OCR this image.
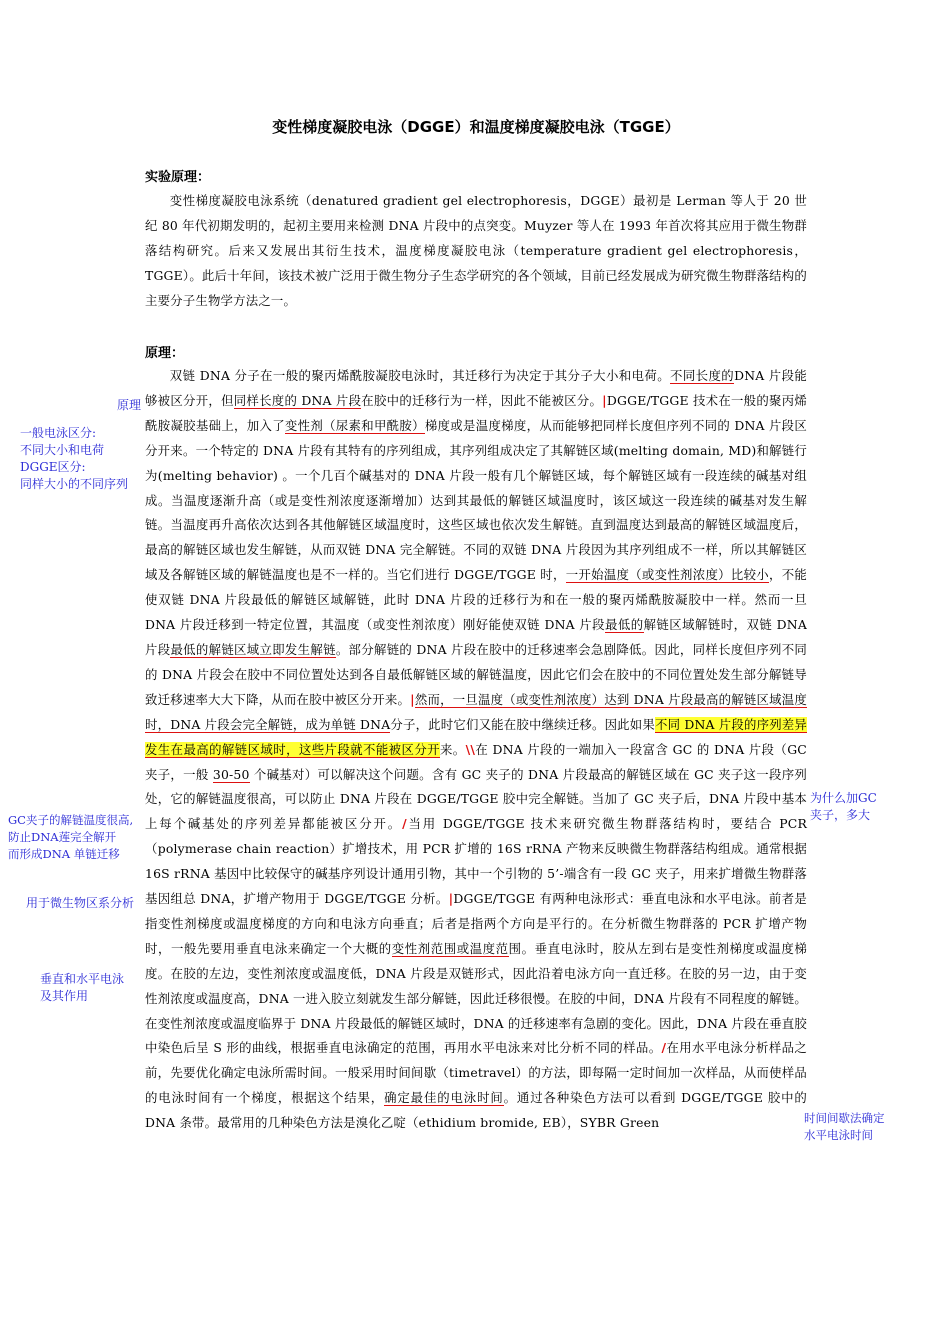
变性梯度凝胶电泳（DGGE）和温度梯度凝胶电泳（TGGE）
实验原理：

变性梯度凝胶电泳系统（denatured gradient gel electrophoresis，DGGE）最初是 Lerman 等人于 20 世纪 80 年代初期发明的，起初主要用来检测 DNA 片段中的点突变。Muyzer 等人在 1993 年首次将其应用于微生物群落结构研究。后来又发展出其衍生技术，温度梯度凝胶电泳（temperature gradient gel electrophoresis，TGGE）。此后十年间，该技术被广泛用于微生物分子生态学研究的各个领域，目前已经发展成为研究微生物群落结构的主要分子生物学方法之一。

原理：

双链 DNA 分子在一般的聚丙烯酰胺凝胶电泳时，其迁移行为决定于其分子大小和电荷。不同长度的DNA 片段能够被区分开，但同样长度的 DNA 片段在胶中的迁移行为一样，因此不能被区分。|DGGE/TGGE 技术在一般的聚丙烯酰胺凝胶基础上，加入了变性剂（尿素和甲酰胺）梯度或是温度梯度，从而能够把同样长度但序列不同的 DNA 片段区分开来。一个特定的 DNA 片段有其特有的序列组成，其序列组成决定了其解链区域(melting domain, MD)和解链行为(melting behavior) 。一个几百个碱基对的 DNA 片段一般有几个解链区域，每个解链区域有一段连续的碱基对组成。当温度逐渐升高（或是变性剂浓度逐渐增加）达到其最低的解链区域温度时，该区域这一段连续的碱基对发生解链。当温度再升高依次达到各其他解链区域温度时，这些区域也依次发生解链。直到温度达到最高的解链区域温度后，最高的解链区域也发生解链，从而双链 DNA 完全解链。不同的双链 DNA 片段因为其序列组成不一样，所以其解链区域及各解链区域的解链温度也是不一样的。当它们进行 DGGE/TGGE 时，一开始温度（或变性剂浓度）比较小，不能使双链 DNA 片段最低的解链区域解链，此时 DNA 片段的迁移行为和在一般的聚丙烯酰胺凝胶中一样。然而一旦 DNA 片段迁移到一特定位置，其温度（或变性剂浓度）刚好能使双链 DNA 片段最低的解链区域解链时，双链 DNA 片段最低的解链区域立即发生解链。部分解链的 DNA 片段在胶中的迁移速率会急剧降低。因此，同样长度但序列不同的 DNA 片段会在胶中不同位置处达到各自最低解链区域的解链温度，因此它们会在胶中的不同位置处发生部分解链导致迁移速率大大下降，从而在胶中被区分开来。|然而，一旦温度（或变性剂浓度）达到 DNA 片段最高的解链区域温度时，DNA 片段会完全解链，成为单链 DNA分子，此时它们又能在胶中继续迁移。因此如果不同 DNA 片段的序列差异发生在最高的解链区域时，这些片段就不能被区分开来。\\在 DNA 片段的一端加入一段富含 GC 的 DNA 片段（GC 夹子，一般 30-50 个碱基对）可以解决这个问题。含有 GC 夹子的 DNA 片段最高的解链区域在 GC 夹子这一段序列处，它的解链温度很高，可以防止 DNA 片段在 DGGE/TGGE 胶中完全解链。当加了 GC 夹子后，DNA 片段中基本上每个碱基处的序列差异都能被区分开。/当用 DGGE/TGGE 技术来研究微生物群落结构时，要结合 PCR（polymerase chain reaction）扩增技术，用 PCR 扩增的 16S rRNA 产物来反映微生物群落结构组成。通常根据 16S rRNA 基因中比较保守的碱基序列设计通用引物，其中一个引物的 5’-端含有一段 GC 夹子，用来扩增微生物群落基因组总 DNA，扩增产物用于 DGGE/TGGE 分析。|DGGE/TGGE 有两种电泳形式：垂直电泳和水平电泳。前者是指变性剂梯度或温度梯度的方向和电泳方向垂直；后者是指两个方向是平行的。在分析微生物群落的 PCR 扩增产物时，一般先要用垂直电泳来确定一个大概的变性剂范围或温度范围。垂直电泳时，胶从左到右是变性剂梯度或温度梯度。在胶的左边，变性剂浓度或温度低，DNA 片段是双链形式，因此沿着电泳方向一直迁移。在胶的另一边，由于变性剂浓度或温度高，DNA 一进入胶立刻就发生部分解链，因此迁移很慢。在胶的中间，DNA 片段有不同程度的解链。在变性剂浓度或温度临界于 DNA 片段最低的解链区域时，DNA 的迁移速率有急剧的变化。因此，DNA 片段在垂直胶中染色后呈 S 形的曲线，根据垂直电泳确定的范围，再用水平电泳来对比分析不同的样品。/在用水平电泳分析样品之前，先要优化确定电泳所需时间。一般采用时间间歇（timetravel）的方法，即每隔一定时间加一次样品，从而使样品的电泳时间有一个梯度，根据这个结果，确定最佳的电泳时间。通过各种染色方法可以看到 DGGE/TGGE 胶中的 DNA 条带。最常用的几种染色方法是溴化乙啶（ethidium bromide, EB），SYBR Green

原理
一般电泳区分:
不同大小和电荷
DGGE区分:
同样大小的不同序列
GC夹子的解链温度很高,
防止DNA莲完全解开
而形成DNA 单链迁移
为什么加GC
夹子，多大
用于微生物区系分析
垂直和水平电泳
及其作用
时间间歇法确定
水平电泳时间
